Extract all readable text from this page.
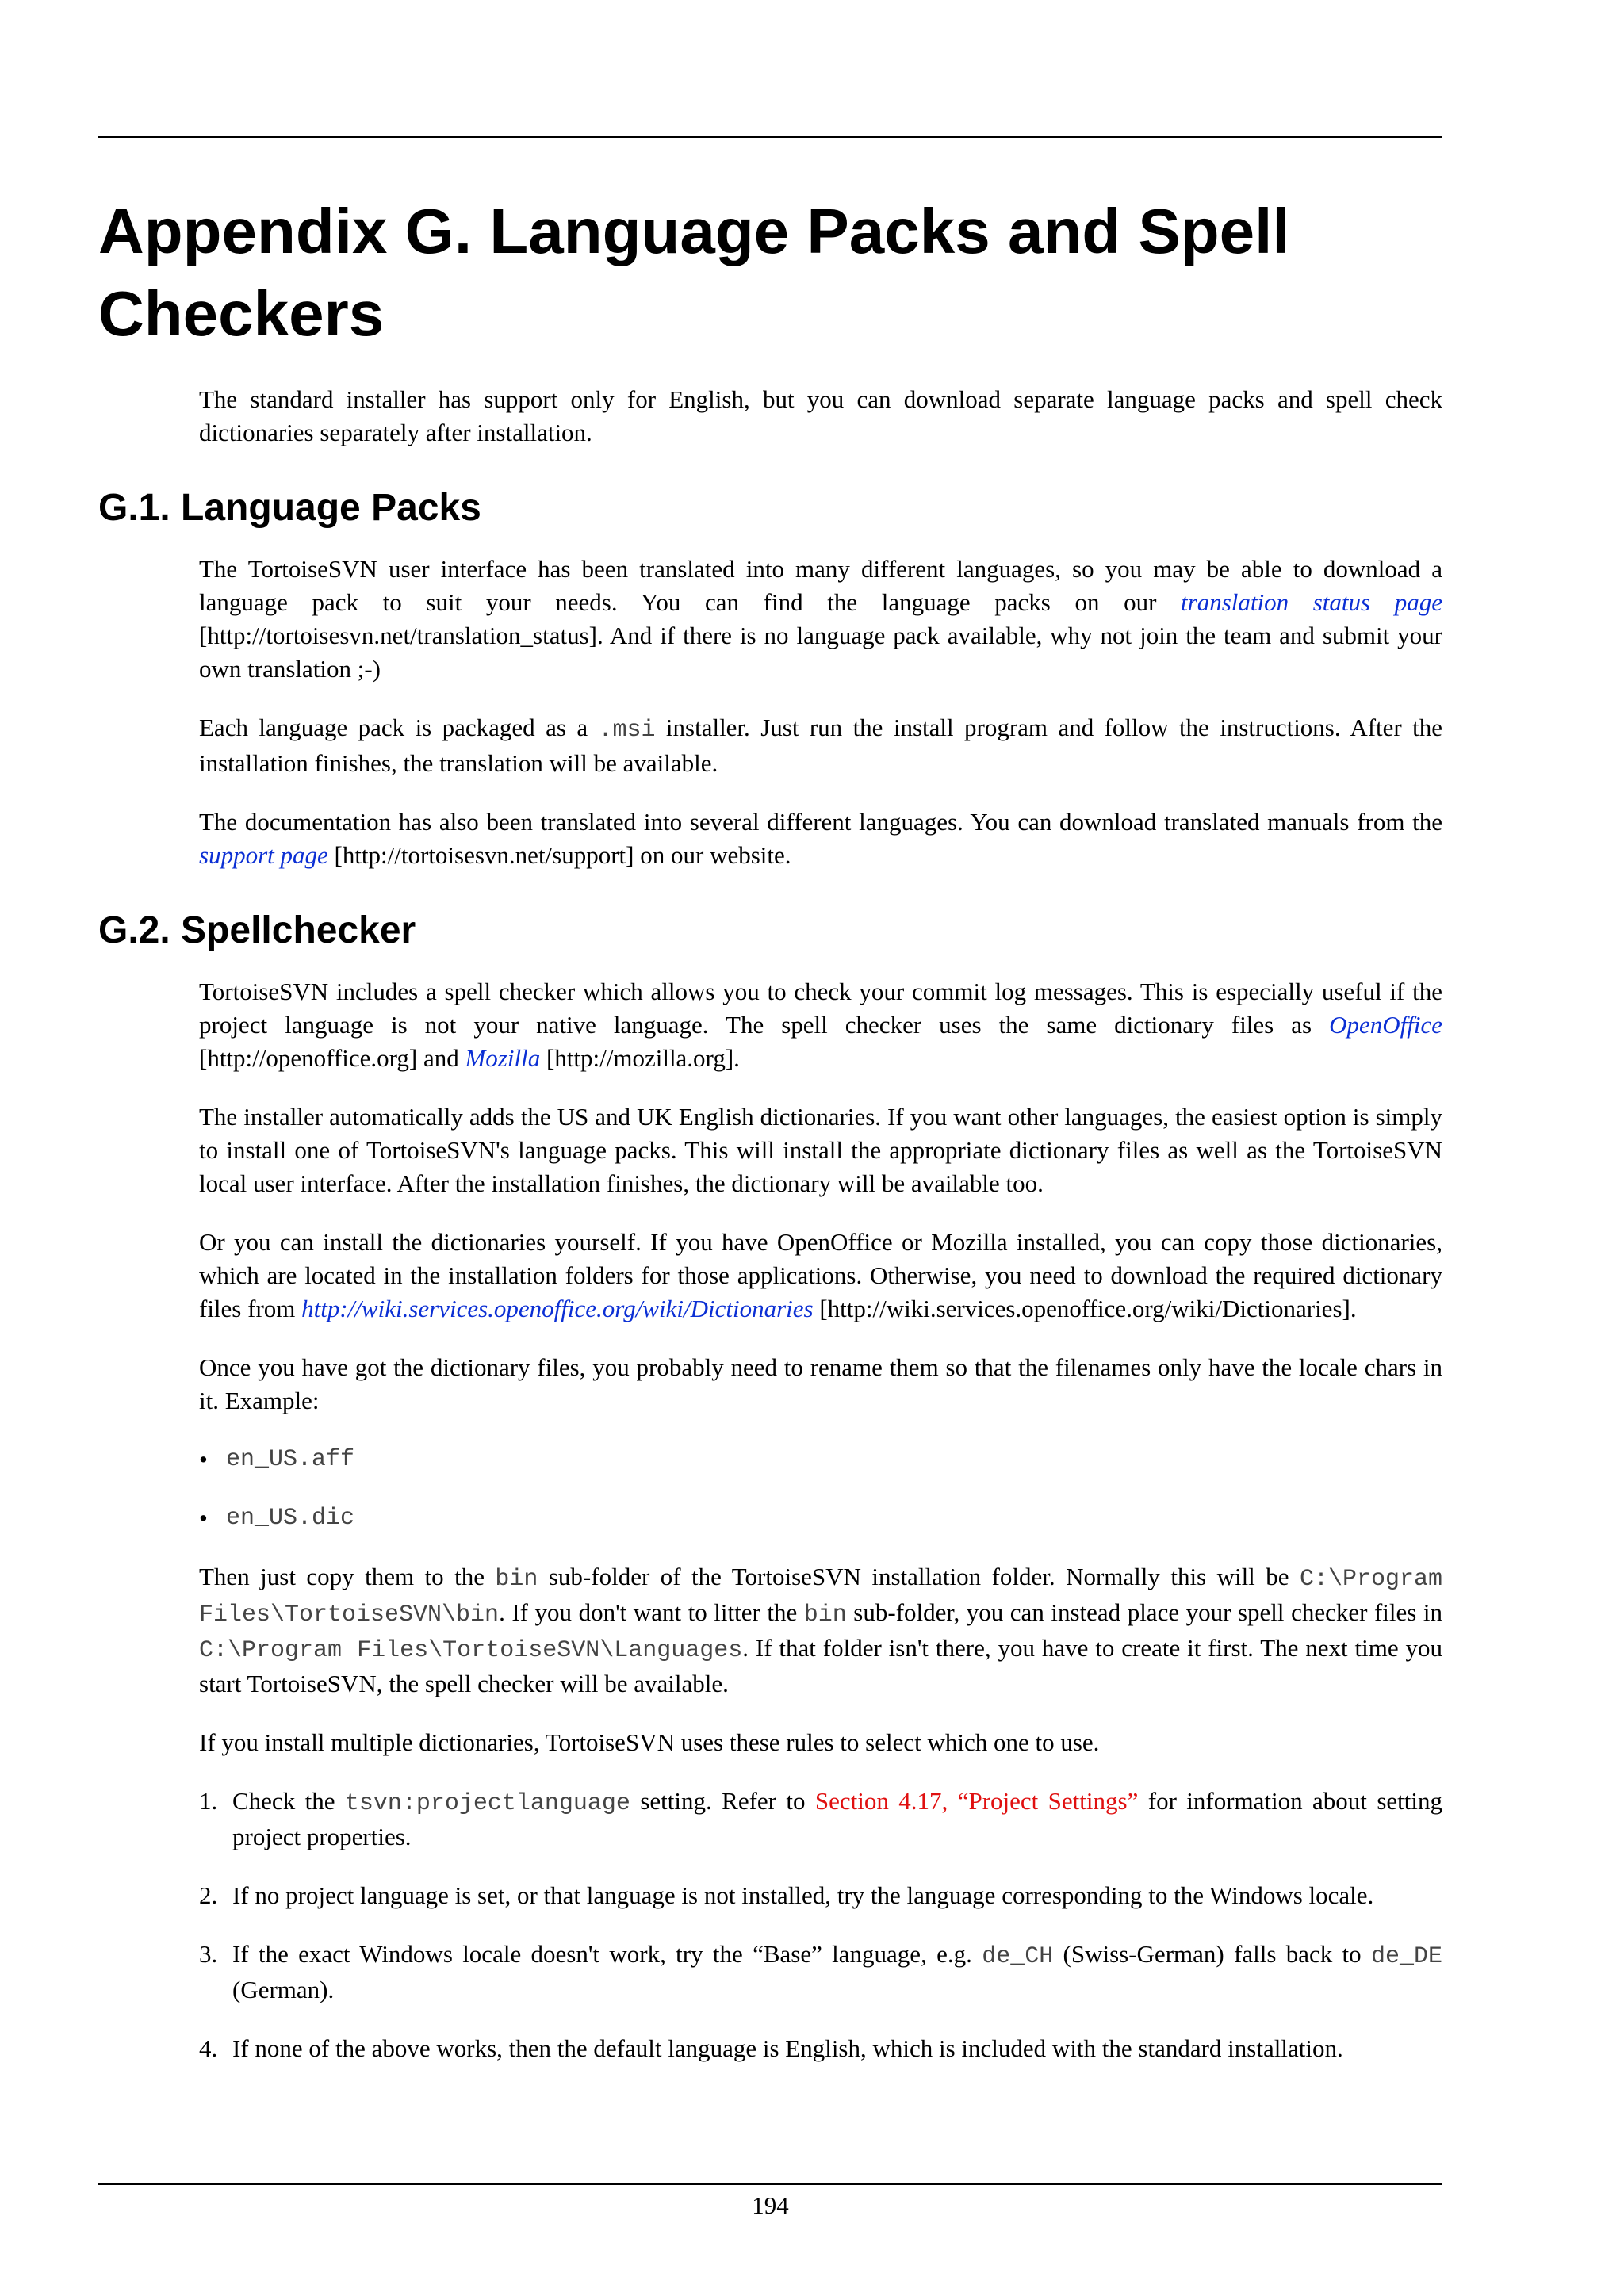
Appendix G. Language Packs and Spell Checkers

The standard installer has support only for English, but you can download separate language packs and spell check dictionaries separately after installation.

G.1. Language Packs

The TortoiseSVN user interface has been translated into many different languages, so you may be able to download a language pack to suit your needs. You can find the language packs on our translation status page [http://tortoisesvn.net/translation_status]. And if there is no language pack available, why not join the team and submit your own translation ;-)

Each language pack is packaged as a .msi installer. Just run the install program and follow the instructions. After the installation finishes, the translation will be available.

The documentation has also been translated into several different languages. You can download translated manuals from the support page [http://tortoisesvn.net/support] on our website.

G.2. Spellchecker

TortoiseSVN includes a spell checker which allows you to check your commit log messages. This is especially useful if the project language is not your native language. The spell checker uses the same dictionary files as OpenOffice [http://openoffice.org] and Mozilla [http://mozilla.org].

The installer automatically adds the US and UK English dictionaries. If you want other languages, the easiest option is simply to install one of TortoiseSVN's language packs. This will install the appropriate dictionary files as well as the TortoiseSVN local user interface. After the installation finishes, the dictionary will be available too.

Or you can install the dictionaries yourself. If you have OpenOffice or Mozilla installed, you can copy those dictionaries, which are located in the installation folders for those applications. Otherwise, you need to download the required dictionary files from http://wiki.services.openoffice.org/wiki/Dictionaries [http://wiki.services.openoffice.org/wiki/Dictionaries].

Once you have got the dictionary files, you probably need to rename them so that the filenames only have the locale chars in it. Example:

• en_US.aff
• en_US.dic

Then just copy them to the bin sub-folder of the TortoiseSVN installation folder. Normally this will be C:\Program Files\TortoiseSVN\bin. If you don't want to litter the bin sub-folder, you can instead place your spell checker files in C:\Program Files\TortoiseSVN\Languages. If that folder isn't there, you have to create it first. The next time you start TortoiseSVN, the spell checker will be available.

If you install multiple dictionaries, TortoiseSVN uses these rules to select which one to use.

1. Check the tsvn:projectlanguage setting. Refer to Section 4.17, “Project Settings” for information about setting project properties.
2. If no project language is set, or that language is not installed, try the language corresponding to the Windows locale.
3. If the exact Windows locale doesn't work, try the “Base” language, e.g. de_CH (Swiss-German) falls back to de_DE (German).
4. If none of the above works, then the default language is English, which is included with the standard installation.
194
